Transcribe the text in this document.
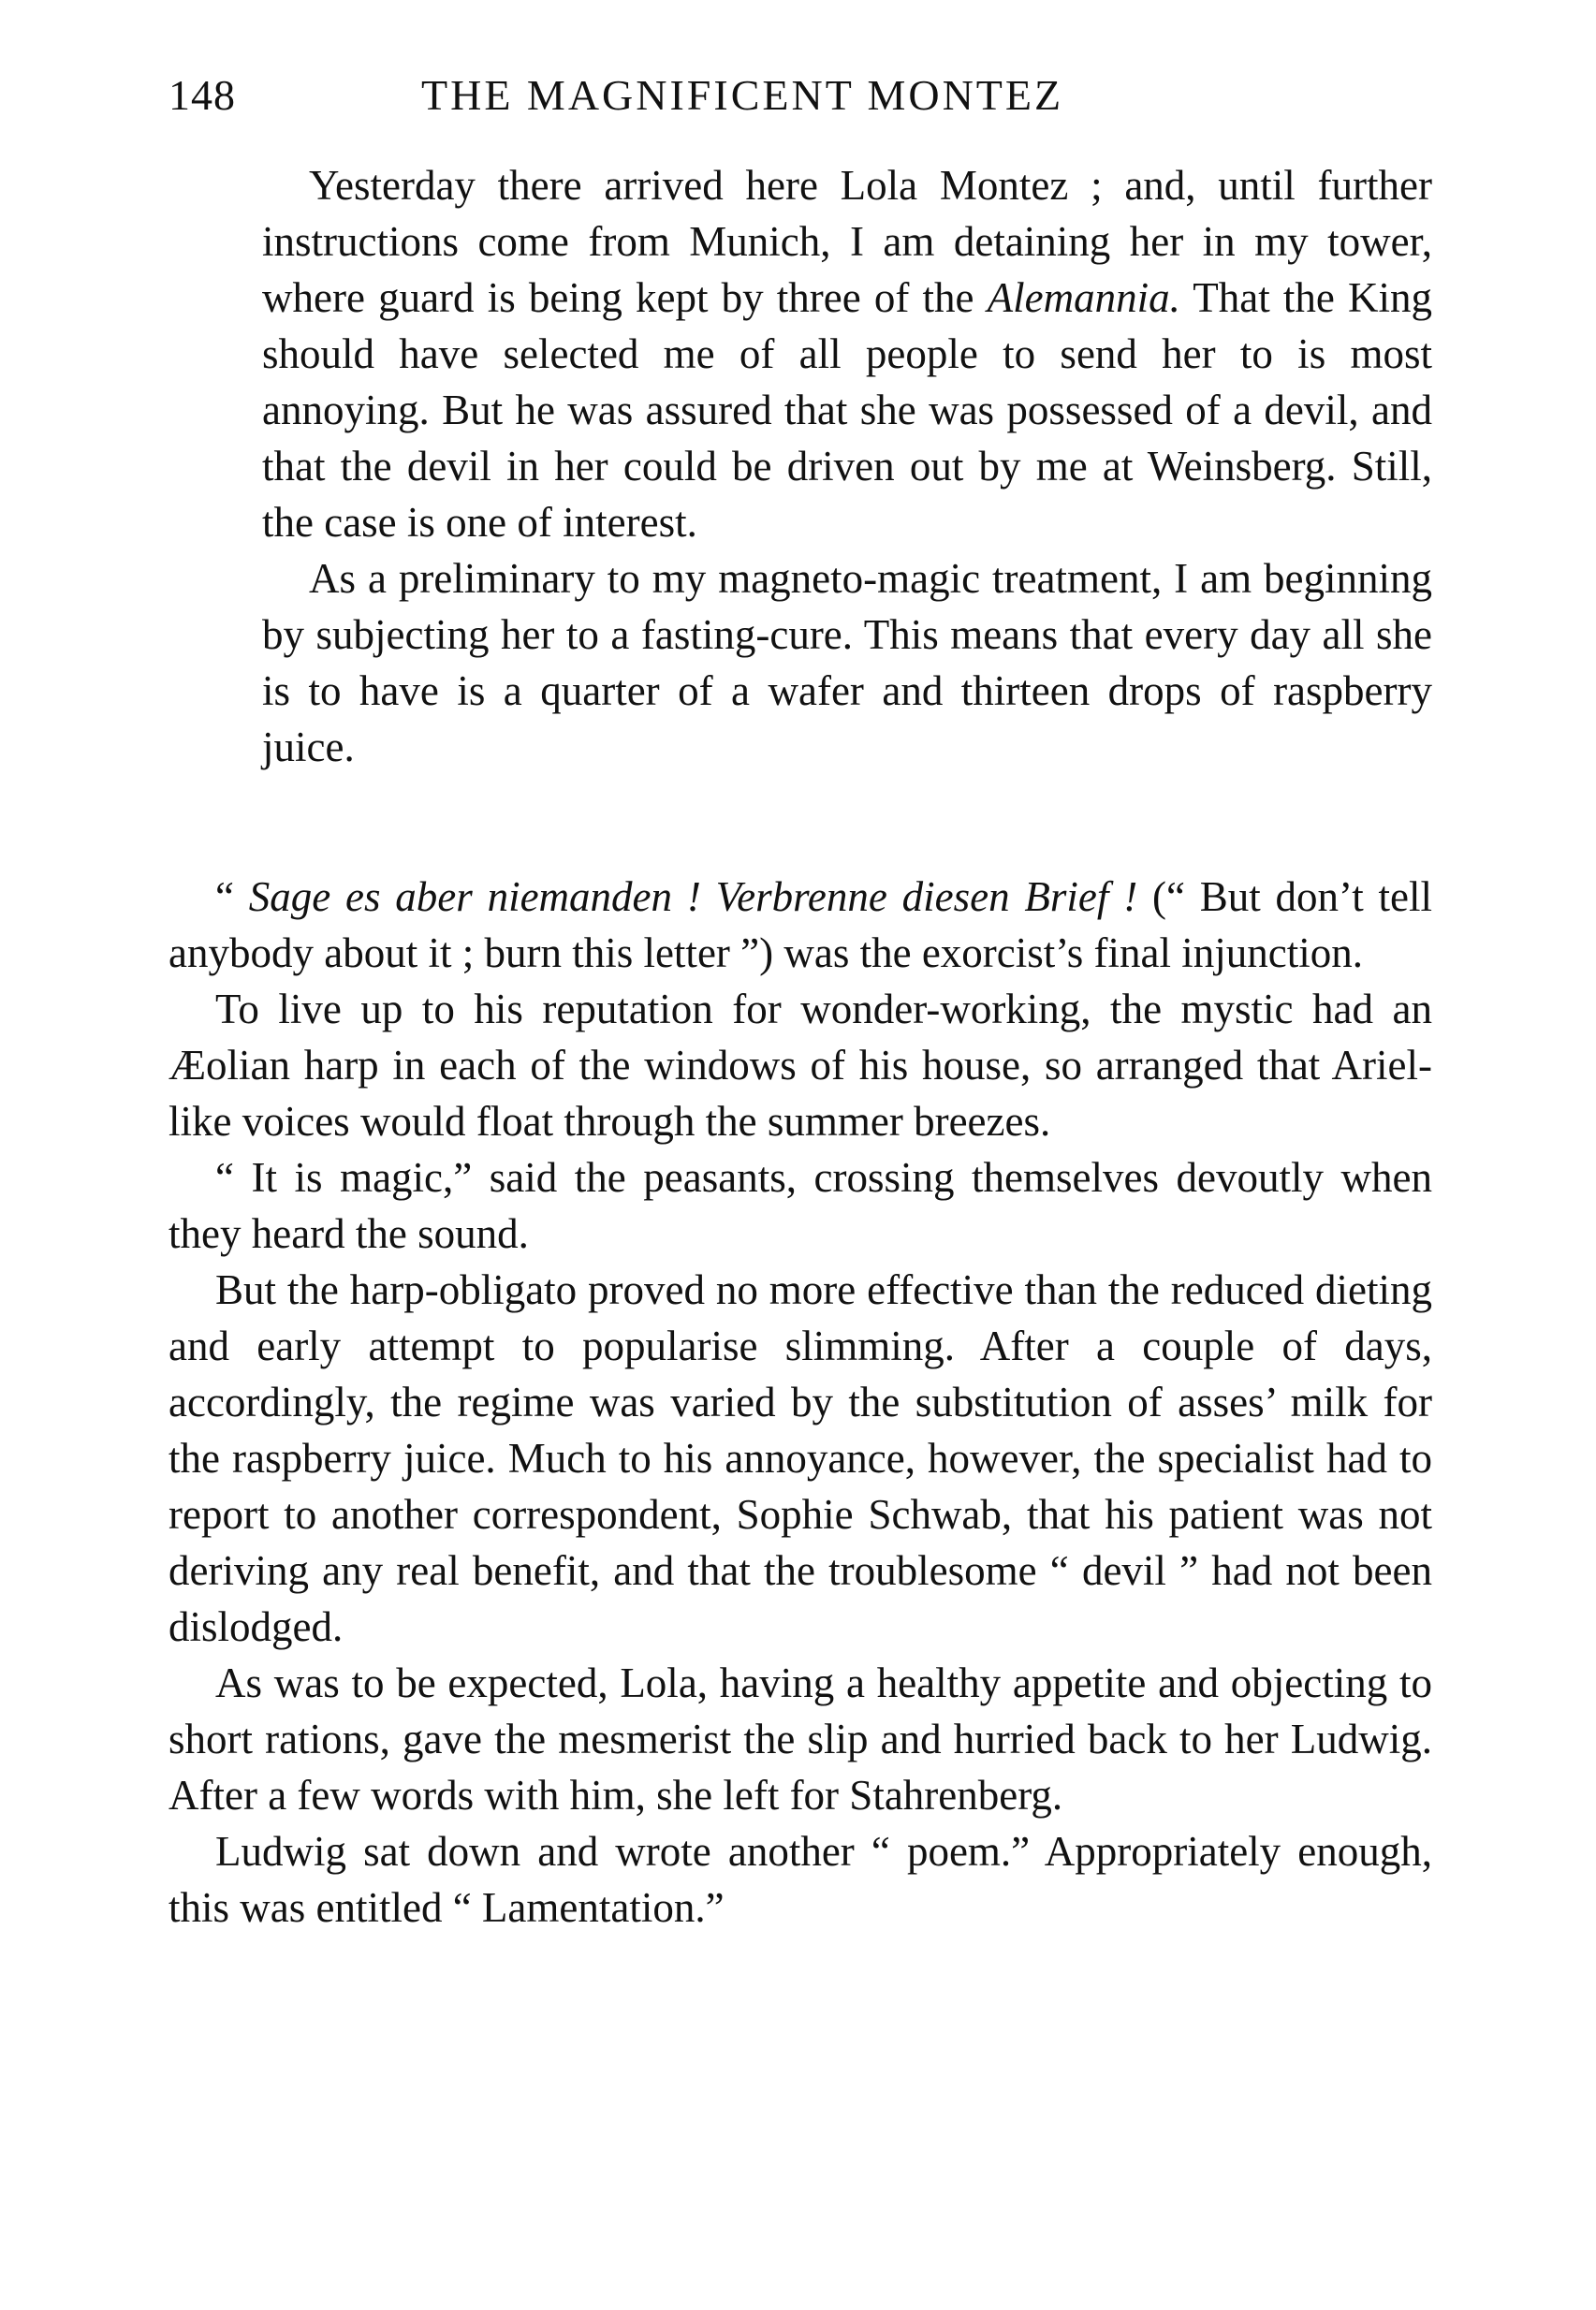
148	THE MAGNIFICENT MONTEZ

Yesterday there arrived here Lola Montez ; and, until further instructions come from Munich, I am detaining her in my tower, where guard is being kept by three of the Alemannia. That the King should have selected me of all people to send her to is most annoying. But he was assured that she was possessed of a devil, and that the devil in her could be driven out by me at Weinsberg. Still, the case is one of interest.

As a preliminary to my magneto-magic treatment, I am beginning by subjecting her to a fasting-cure. This means that every day all she is to have is a quarter of a wafer and thirteen drops of raspberry juice.

“ Sage es aber niemanden ! Verbrenne diesen Brief ! (“ But don’t tell anybody about it ; burn this letter ”) was the exorcist’s final injunction.

To live up to his reputation for wonder-working, the mystic had an Æolian harp in each of the windows of his house, so arranged that Ariel-like voices would float through the summer breezes.

“ It is magic,” said the peasants, crossing themselves devoutly when they heard the sound.

But the harp-obligato proved no more effective than the reduced dieting and early attempt to popularise slimming. After a couple of days, accordingly, the regime was varied by the substitution of asses’ milk for the raspberry juice. Much to his annoyance, however, the specialist had to report to another correspondent, Sophie Schwab, that his patient was not deriving any real benefit, and that the troublesome “ devil ” had not been dislodged.

As was to be expected, Lola, having a healthy appetite and objecting to short rations, gave the mesmerist the slip and hurried back to her Ludwig. After a few words with him, she left for Stahrenberg.

Ludwig sat down and wrote another “ poem.” Appropriately enough, this was entitled “ Lamentation.”
